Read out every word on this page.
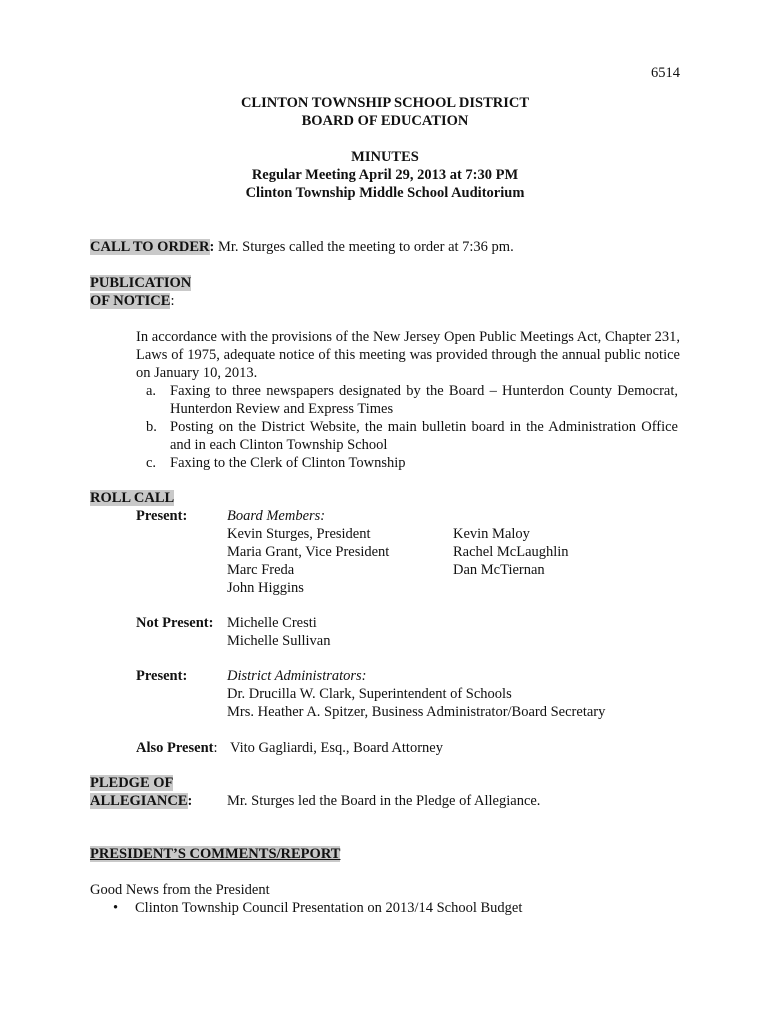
6514
CLINTON TOWNSHIP SCHOOL DISTRICT
BOARD OF EDUCATION
MINUTES
Regular Meeting April 29, 2013 at 7:30 PM
Clinton Township Middle School Auditorium
CALL TO ORDER: Mr. Sturges called the meeting to order at 7:36 pm.
PUBLICATION
OF NOTICE:
In accordance with the provisions of the New Jersey Open Public Meetings Act, Chapter 231, Laws of 1975, adequate notice of this meeting was provided through the annual public notice on January 10, 2013.
a. Faxing to three newspapers designated by the Board – Hunterdon County Democrat, Hunterdon Review and Express Times
b. Posting on the District Website, the main bulletin board in the Administration Office and in each Clinton Township School
c. Faxing to the Clerk of Clinton Township
ROLL CALL
Present:	Board Members:
Kevin Sturges, President
Maria Grant, Vice President
Marc Freda
John Higgins
Kevin Maloy
Rachel McLaughlin
Dan McTiernan
Not Present: Michelle Cresti
Michelle Sullivan
Present:	District Administrators:
Dr. Drucilla W. Clark, Superintendent of Schools
Mrs. Heather A. Spitzer, Business Administrator/Board Secretary
Also Present: Vito Gagliardi, Esq., Board Attorney
PLEDGE OF
ALLEGIANCE: Mr. Sturges led the Board in the Pledge of Allegiance.
PRESIDENT’S COMMENTS/REPORT
Good News from the President
• Clinton Township Council Presentation on 2013/14 School Budget
